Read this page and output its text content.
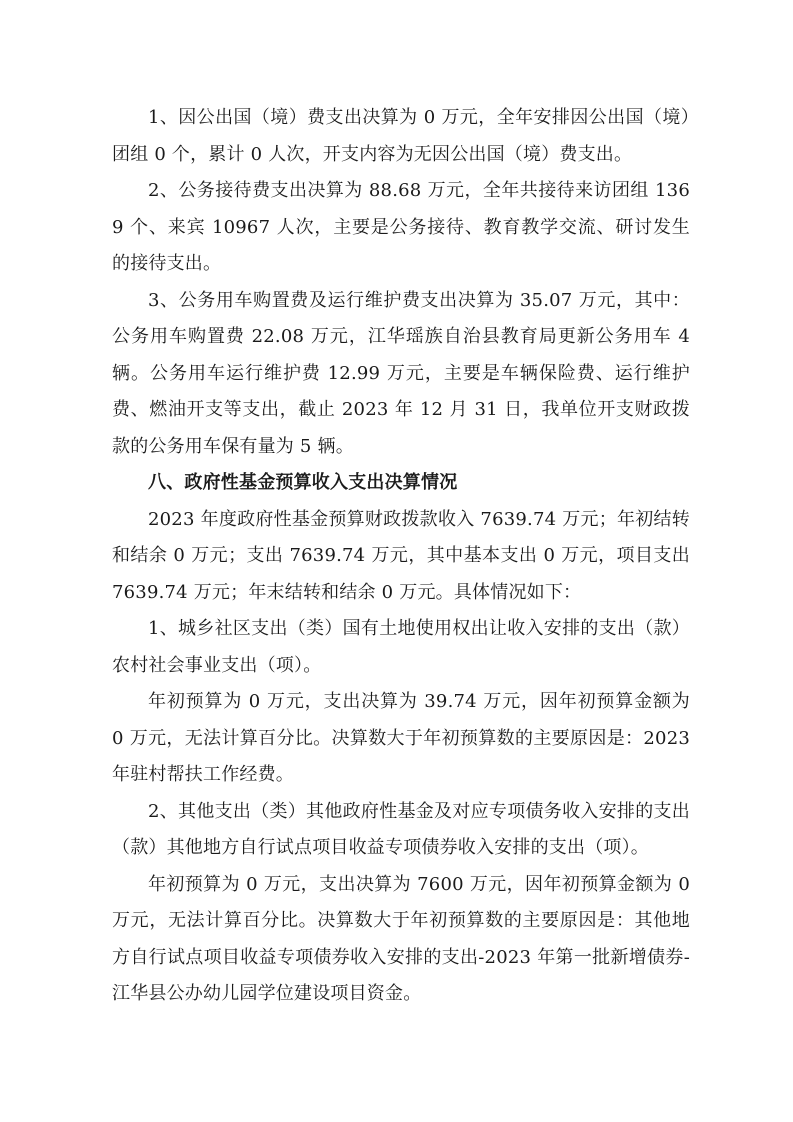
1、因公出国（境）费支出决算为 0 万元，全年安排因公出国（境）团组 0 个，累计 0 人次，开支内容为无因公出国（境）费支出。

2、公务接待费支出决算为 88.68 万元，全年共接待来访团组 1369 个、来宾 10967 人次，主要是公务接待、教育教学交流、研讨发生的接待支出。

3、公务用车购置费及运行维护费支出决算为 35.07 万元，其中：公务用车购置费 22.08 万元，江华瑶族自治县教育局更新公务用车 4 辆。公务用车运行维护费 12.99 万元，主要是车辆保险费、运行维护费、燃油开支等支出，截止 2023 年 12 月 31 日，我单位开支财政拨款的公务用车保有量为 5 辆。

八、政府性基金预算收入支出决算情况

2023 年度政府性基金预算财政拨款收入 7639.74 万元；年初结转和结余 0 万元；支出 7639.74 万元，其中基本支出 0 万元，项目支出 7639.74 万元；年末结转和结余 0 万元。具体情况如下：

1、城乡社区支出（类）国有土地使用权出让收入安排的支出（款）农村社会事业支出（项）。

年初预算为 0 万元，支出决算为 39.74 万元，因年初预算金额为 0 万元，无法计算百分比。决算数大于年初预算数的主要原因是：2023 年驻村帮扶工作经费。

2、其他支出（类）其他政府性基金及对应专项债务收入安排的支出（款）其他地方自行试点项目收益专项债券收入安排的支出（项）。

年初预算为 0 万元，支出决算为 7600 万元，因年初预算金额为 0 万元，无法计算百分比。决算数大于年初预算数的主要原因是：其他地方自行试点项目收益专项债券收入安排的支出-2023 年第一批新增债券-江华县公办幼儿园学位建设项目资金。
